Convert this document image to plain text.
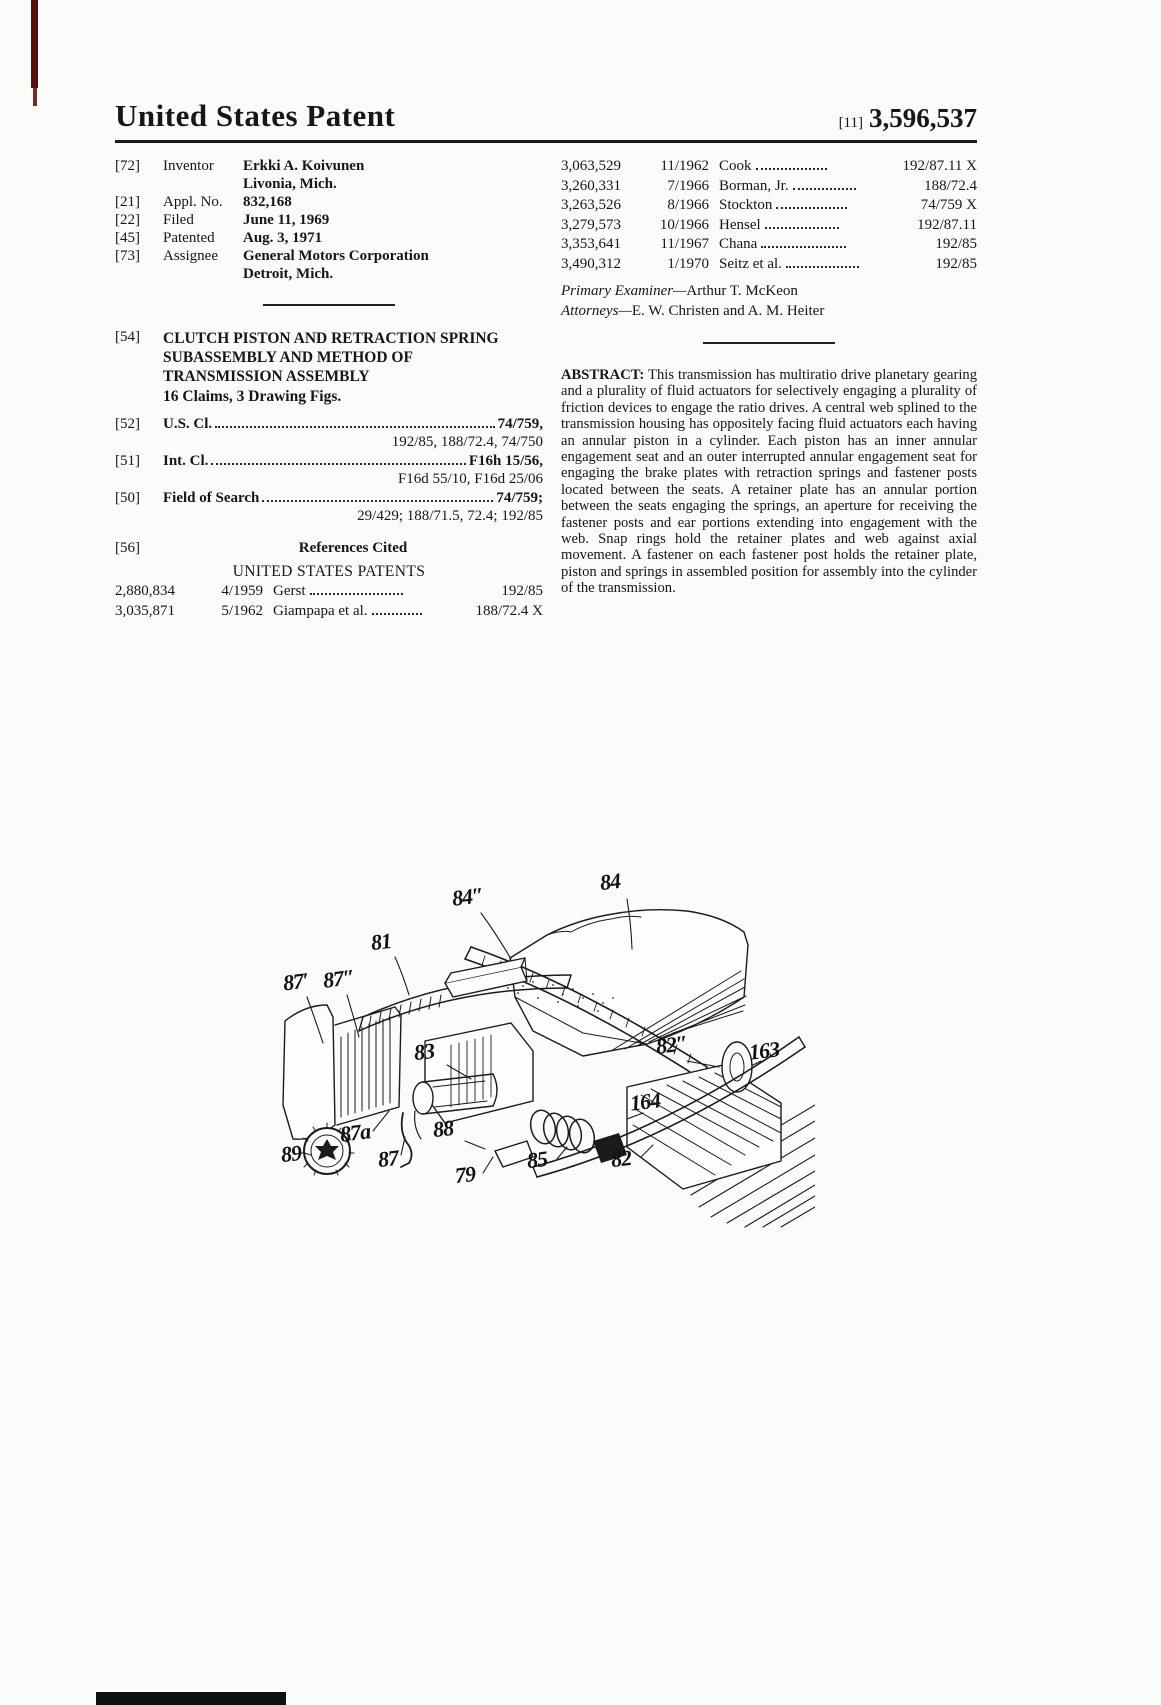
United States Patent	[11] 3,596,537
[72]	Inventor	Erkki A. Koivunen
Livonia, Mich.
[21]	Appl. No.	832,168
[22]	Filed	June 11, 1969
[45]	Patented	Aug. 3, 1971
[73]	Assignee	General Motors Corporation
Detroit, Mich.
[54]	CLUTCH PISTON AND RETRACTION SPRING
SUBASSEMBLY AND METHOD OF
TRANSMISSION ASSEMBLY
16 Claims, 3 Drawing Figs.
[52]	U.S. Cl.	74/759,
192/85, 188/72.4, 74/750
[51]	Int. Cl.	F16h 15/56,
F16d 55/10, F16d 25/06
[50]	Field of Search	74/759;
29/429; 188/71.5, 72.4; 192/85
[56]	References Cited
UNITED STATES PATENTS
2,880,834	4/1959 Gerst	192/85
3,035,871	5/1962 Giampapa et al.	188/72.4 X
3,063,529	11/1962 Cook	192/87.11 X
3,260,331	7/1966 Borman, Jr.	188/72.4
3,263,526	8/1966 Stockton	74/759 X
3,279,573	10/1966 Hensel	192/87.11
3,353,641	11/1967 Chana	192/85
3,490,312	1/1970 Seitz et al.	192/85
Primary Examiner—Arthur T. McKeon
Attorneys—E. W. Christen and A. M. Heiter

ABSTRACT: This transmission has multiratio drive planetary gearing and a plurality of fluid actuators for selectively engaging a plurality of friction devices to engage the ratio drives. A central web splined to the transmission housing has oppositely facing fluid actuators each having an annular piston in a cylinder. Each piston has an inner annular engagement seat and an outer interrupted annular engagement seat for engaging the brake plates with retraction springs and fastener posts located between the seats. A retainer plate has an annular portion between the seats engaging the springs, an aperture for receiving the fastener posts and ear portions extending into engagement with the web. Snap rings hold the retainer plates and web against axial movement. A fastener on each fastener post holds the retainer plate, piston and springs in assembled position for assembly into the cylinder of the transmission.

84″
84
81
87′ 87″
83	82″	163
164
87a	88
89	87
79
85	82
